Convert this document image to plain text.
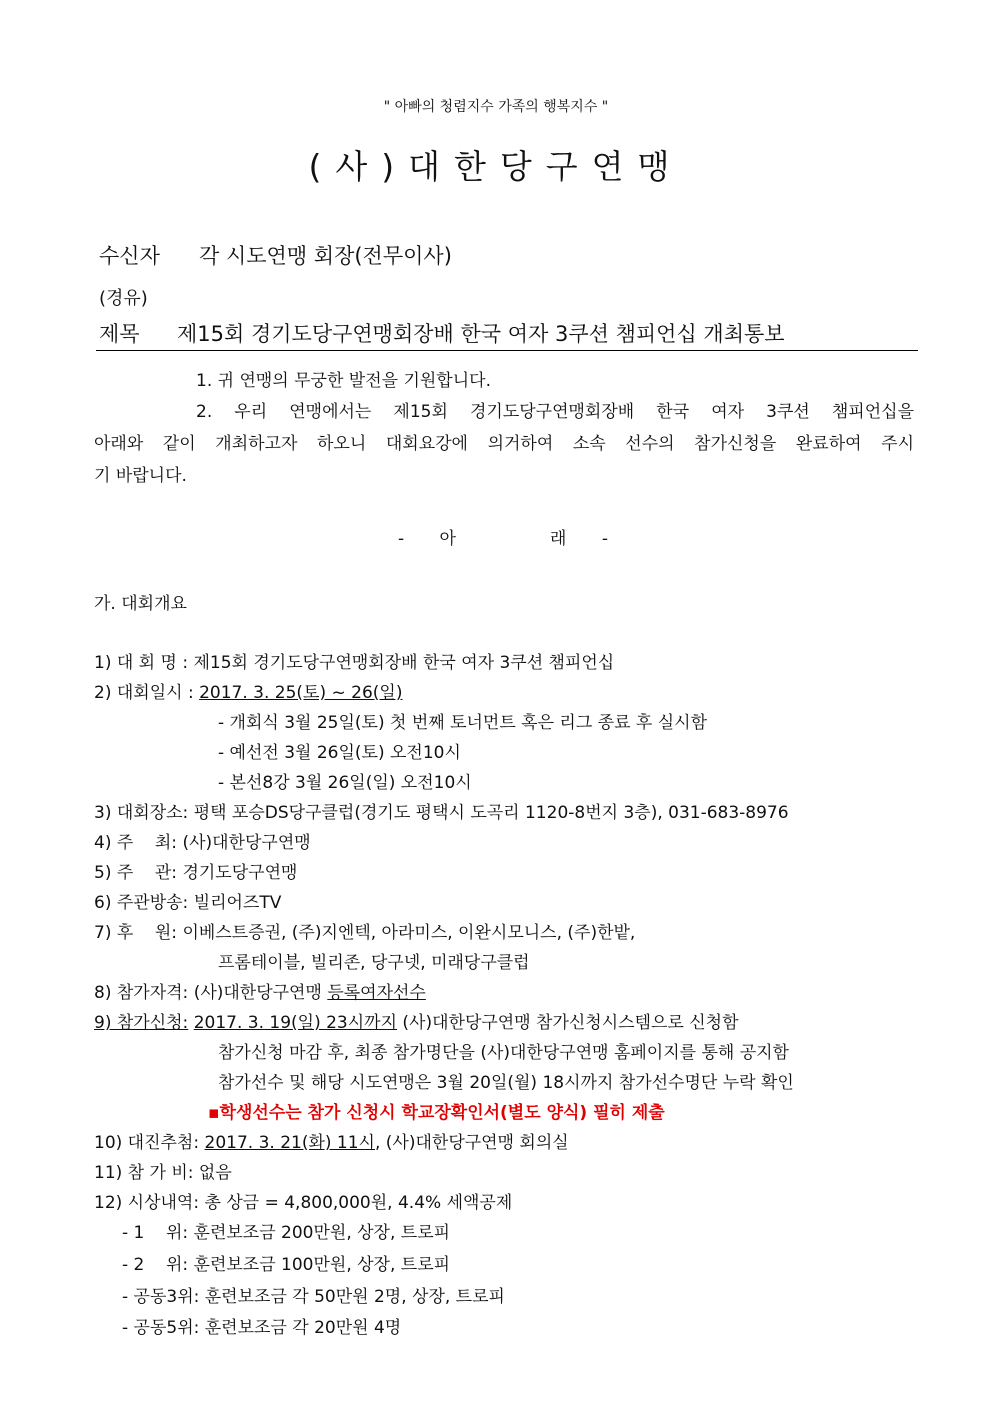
" 아빠의 청렴지수 가족의 행복지수 "
(사)대한당구연맹
수신자 각 시도연맹 회장(전무이사)
(경유)
제목 제15회 경기도당구연맹회장배 한국 여자 3쿠션 챔피언십 개최통보
1. 귀 연맹의 무궁한 발전을 기원합니다.
2. 우리 연맹에서는 제15회 경기도당구연맹회장배 한국 여자 3쿠션 챔피언십을
아래와 같이 개최하고자 하오니 대회요강에 의거하여 소속 선수의 참가신청을 완료하여 주시
기 바랍니다.
- 아	래 -
가. 대회개요
1) 대 회 명 : 제15회 경기도당구연맹회장배 한국 여자 3쿠션 챔피언십
2) 대회일시 : 2017. 3. 25(토) ~ 26(일)
- 개회식 3월 25일(토) 첫 번째 토너먼트 혹은 리그 종료 후 실시함
- 예선전 3월 26일(토) 오전10시
- 본선8강 3월 26일(일) 오전10시
3) 대회장소: 평택 포승DS당구클럽(경기도 평택시 도곡리 1120-8번지 3층), 031-683-8976
4) 주    최: (사)대한당구연맹
5) 주    관: 경기도당구연맹
6) 주관방송: 빌리어즈TV
7) 후    원: 이베스트증권, (주)지엔텍, 아라미스, 이완시모니스, (주)한밭,
프롬테이블, 빌리존, 당구넷, 미래당구클럽
8) 참가자격: (사)대한당구연맹 등록여자선수
9) 참가신청: 2017. 3. 19(일) 23시까지 (사)대한당구연맹 참가신청시스템으로 신청함
참가신청 마감 후, 최종 참가명단을 (사)대한당구연맹 홈페이지를 통해 공지함
참가선수 및 해당 시도연맹은 3월 20일(월) 18시까지 참가선수명단 누락 확인
▪학생선수는 참가 신청시 학교장확인서(별도 양식) 필히 제출
10) 대진추첨: 2017. 3. 21(화) 11시, (사)대한당구연맹 회의실
11) 참 가 비: 없음
12) 시상내역: 총 상금 = 4,800,000원, 4.4% 세액공제
- 1    위: 훈련보조금 200만원, 상장, 트로피
- 2    위: 훈련보조금 100만원, 상장, 트로피
- 공동3위: 훈련보조금 각 50만원 2명, 상장, 트로피
- 공동5위: 훈련보조금 각 20만원 4명
